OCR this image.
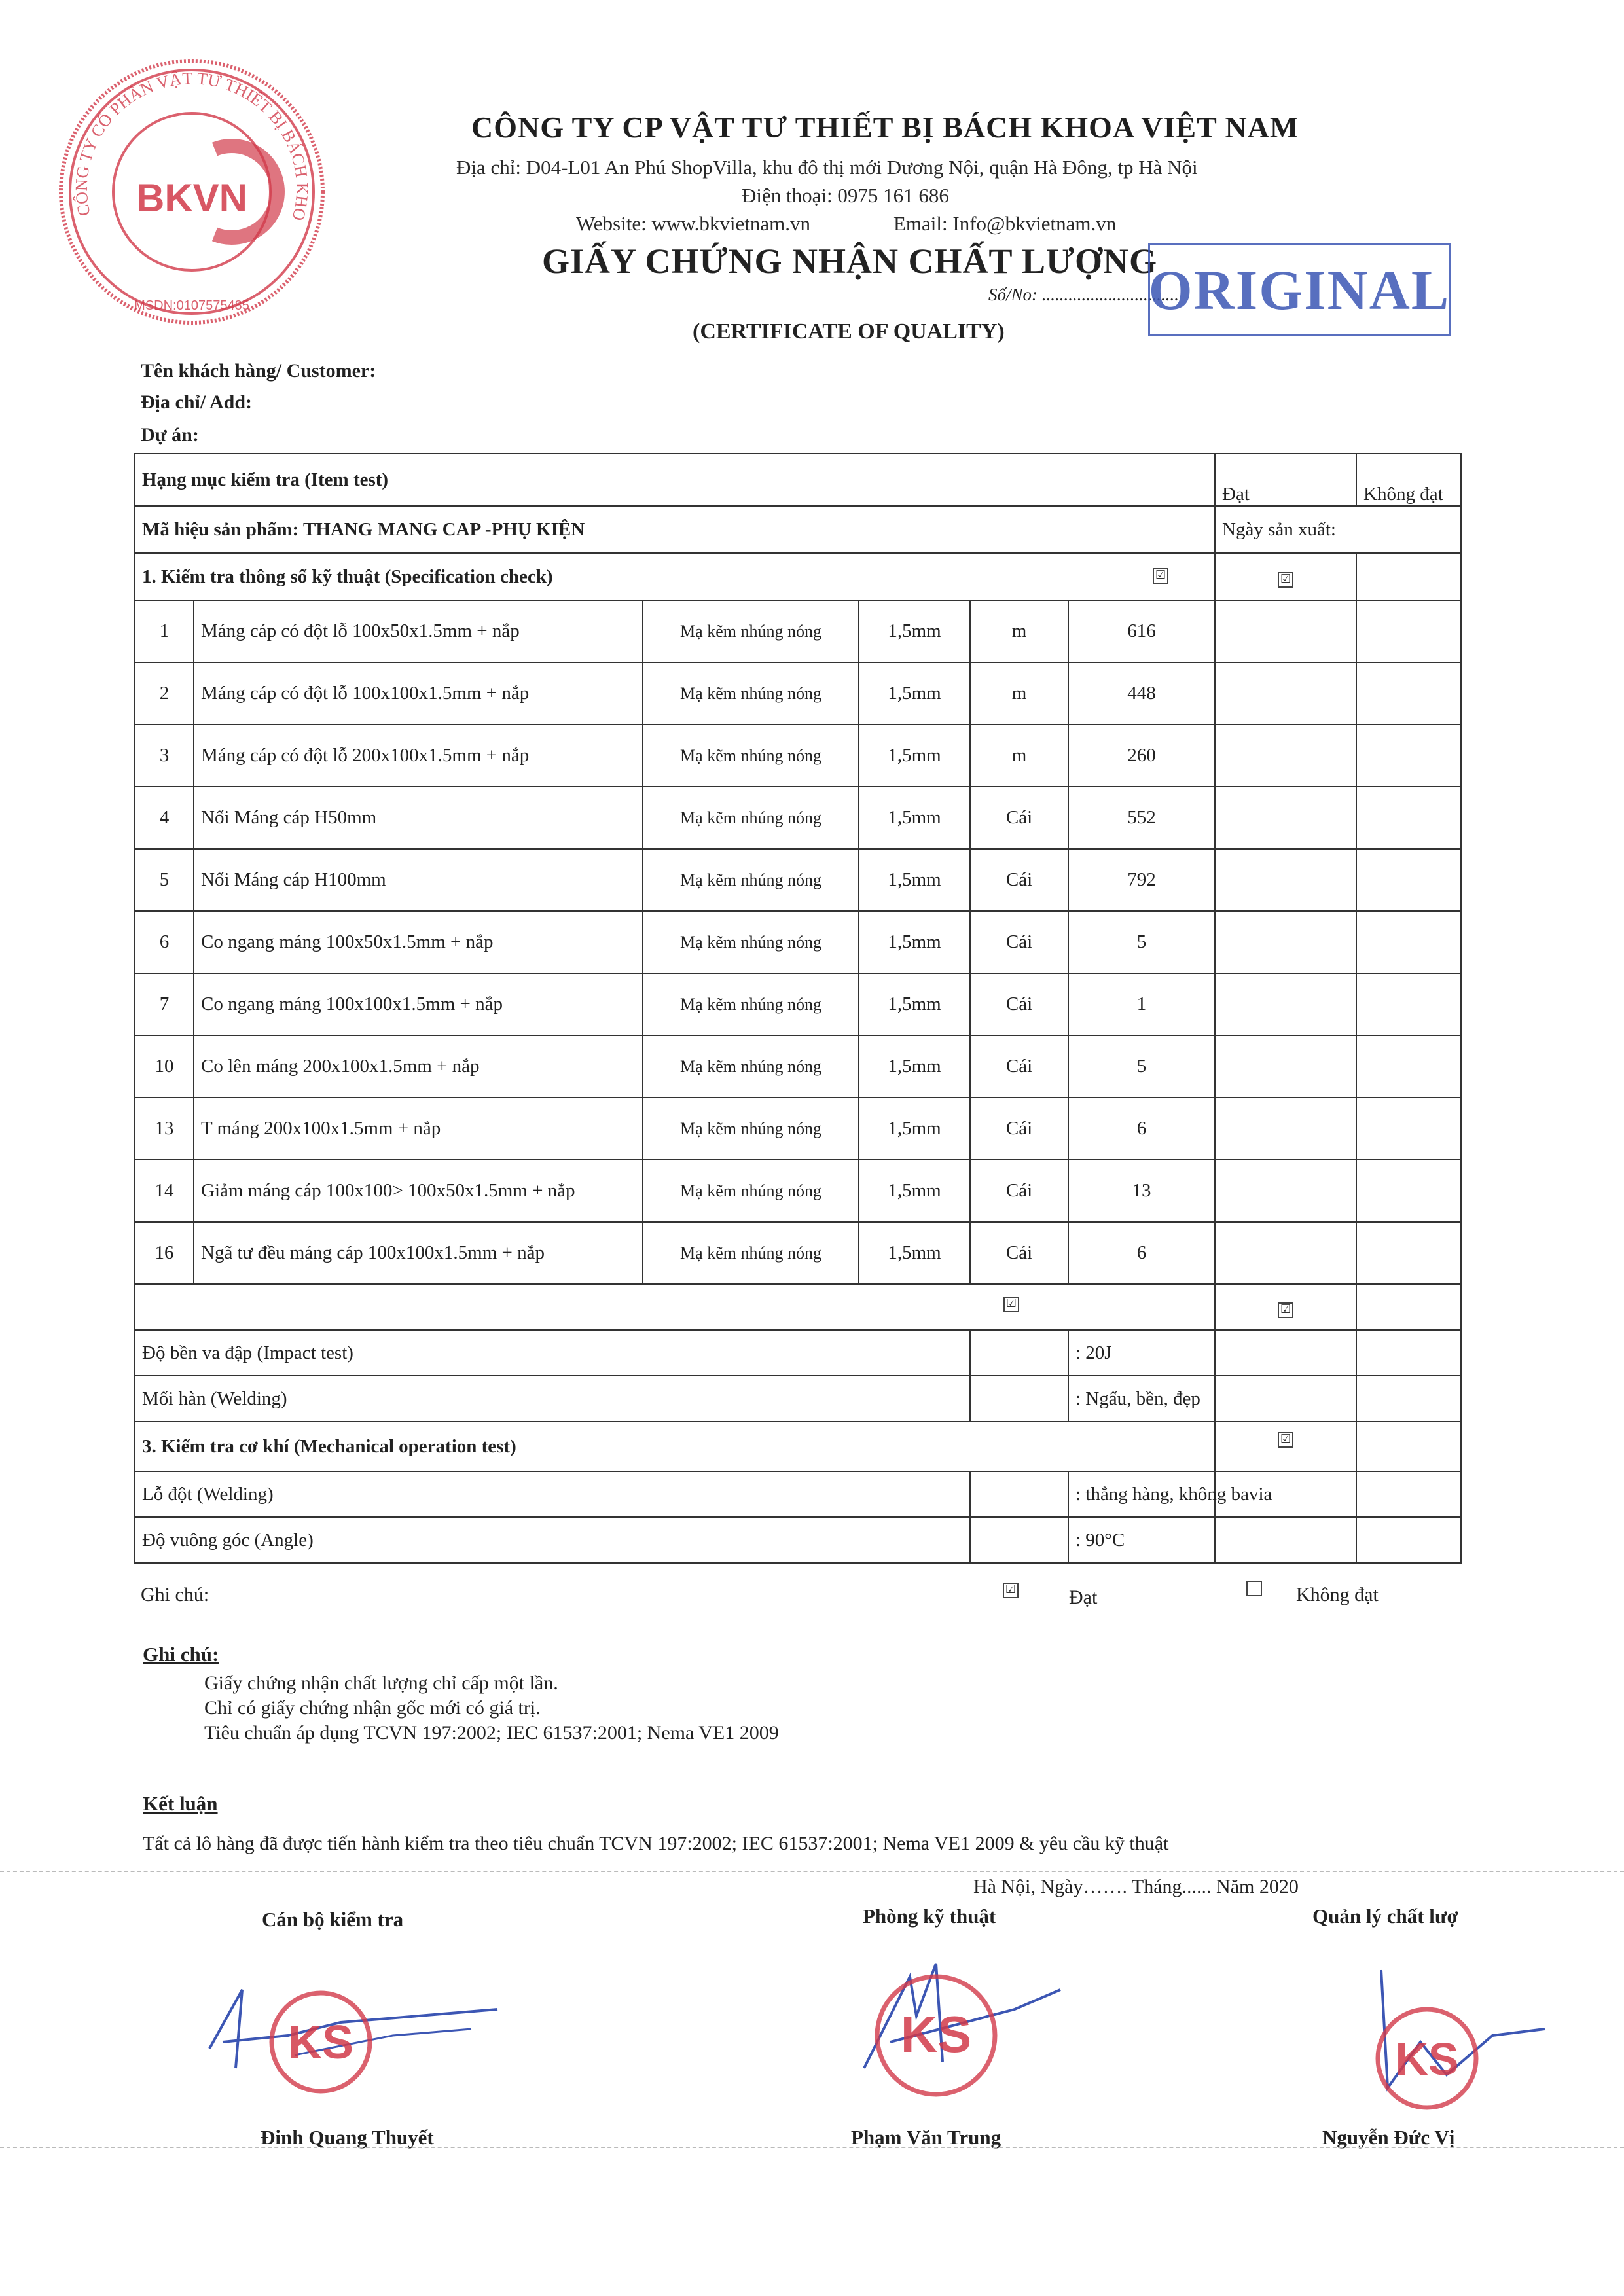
CÔNG TY CỔ PHẦN VẬT TƯ THIẾT BỊ BÁCH KHO
BKVN
MSDN:0107575485
CÔNG TY CP VẬT TƯ THIẾT BỊ BÁCH KHOA VIỆT NAM
Địa chỉ: D04-L01 An Phú ShopVilla, khu đô thị mới Dương Nội, quận Hà Đông, tp Hà Nội
Điện thoại: 0975 161 686
Website: www.bkvietnam.vn	Email: Info@bkvietnam.vn
GIẤY CHỨNG NHẬN CHẤT LƯỢNG
Số/No: ...............................
(CERTIFICATE OF QUALITY)
ORIGINAL
Tên khách hàng/ Customer:
Địa chỉ/ Add:
Dự án:
Hạng mục kiểm tra (Item test)						Đạt	Không đạt
Mã hiệu sản phẩm: THANG MANG CAP -PHỤ KIỆN						Ngày sản xuất:	
1. Kiểm tra thông số kỹ thuật (Specification check) ☑						☑	
1	Máng cáp có đột lỗ 100x50x1.5mm + nắp	Mạ kẽm nhúng nóng	1,5mm	m	616		
2	Máng cáp có đột lỗ 100x100x1.5mm + nắp	Mạ kẽm nhúng nóng	1,5mm	m	448		
3	Máng cáp có đột lỗ 200x100x1.5mm + nắp	Mạ kẽm nhúng nóng	1,5mm	m	260		
4	Nối Máng cáp H50mm	Mạ kẽm nhúng nóng	1,5mm	Cái	552		
5	Nối Máng cáp H100mm	Mạ kẽm nhúng nóng	1,5mm	Cái	792		
6	Co ngang máng 100x50x1.5mm + nắp	Mạ kẽm nhúng nóng	1,5mm	Cái	5		
7	Co ngang máng 100x100x1.5mm + nắp	Mạ kẽm nhúng nóng	1,5mm	Cái	1		
10	Co lên máng 200x100x1.5mm + nắp	Mạ kẽm nhúng nóng	1,5mm	Cái	5		
13	T máng 200x100x1.5mm + nắp	Mạ kẽm nhúng nóng	1,5mm	Cái	6		
14	Giảm máng cáp 100x100> 100x50x1.5mm + nắp	Mạ kẽm nhúng nóng	1,5mm	Cái	13		
16	Ngã tư đều máng cáp 100x100x1.5mm + nắp	Mạ kẽm nhúng nóng	1,5mm	Cái	6		

☑						☑	
Độ bền va đập (Impact test)					: 20J		
Mối hàn (Welding)					: Ngấu, bền, đẹp		
3. Kiểm tra cơ khí (Mechanical operation test)						☑	
Lỗ đột (Welding)					: thẳng hàng, không bavia		
Độ vuông góc (Angle)					: 90°C		
Ghi chú:	☑	Đạt	Không đạt
Ghi chú:
Giấy chứng nhận chất lượng chỉ cấp một lần.
Chỉ có giấy chứng nhận gốc mới có giá trị.
Tiêu chuẩn áp dụng TCVN 197:2002; IEC 61537:2001; Nema VE1 2009
Kết luận
Tất cả lô hàng đã được tiến hành kiểm tra theo tiêu chuẩn TCVN 197:2002; IEC 61537:2001; Nema VE1 2009 & yêu cầu kỹ thuật
Hà Nội, Ngày……. Tháng...... Năm 2020
Cán bộ kiểm tra	Phòng kỹ thuật	Quản lý chất lượ
KS	KS	KS
Đinh Quang Thuyết	Phạm Văn Trung	Nguyễn Đức Vị
